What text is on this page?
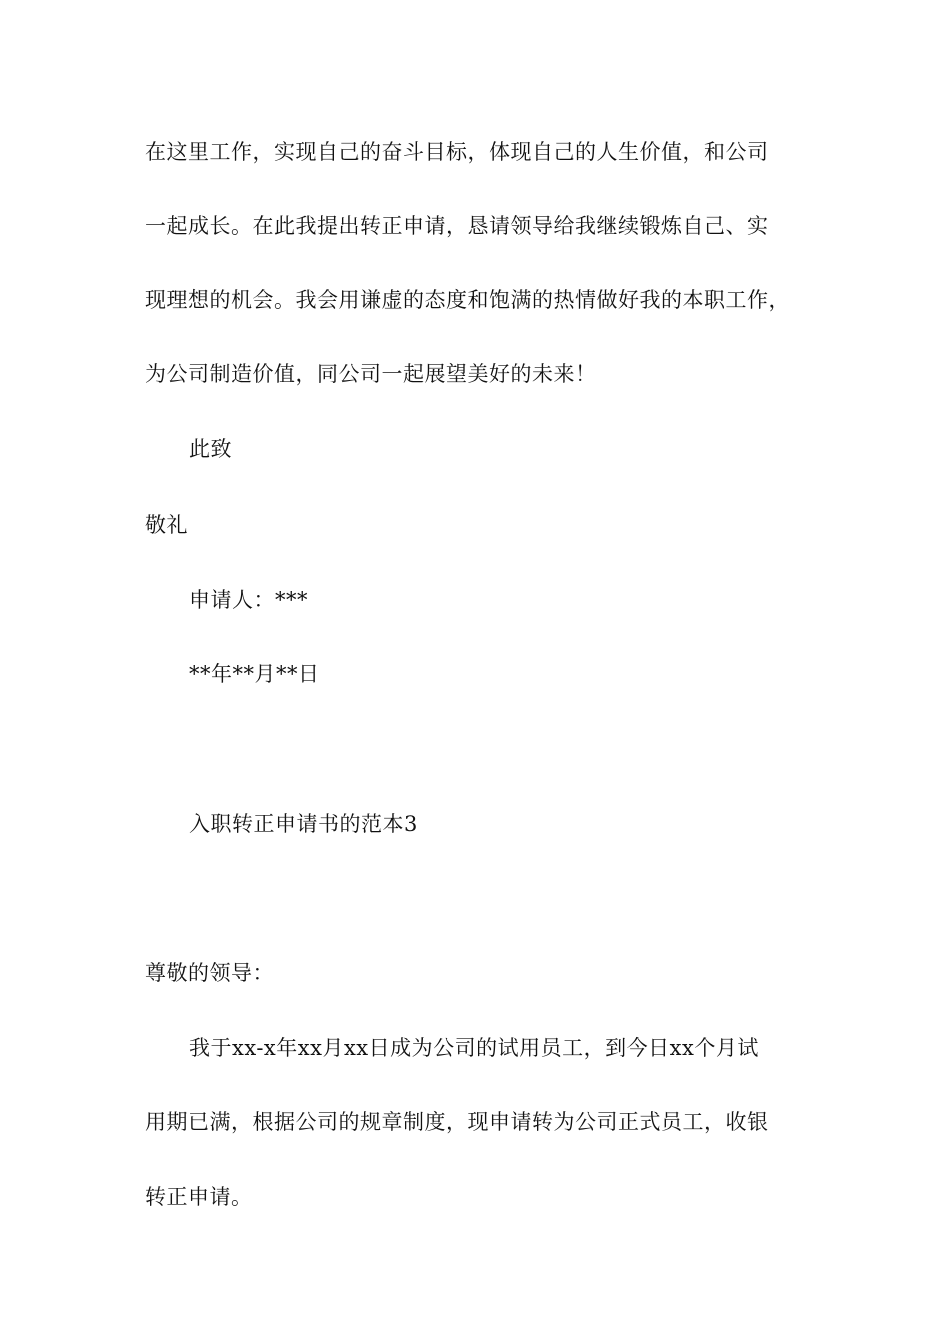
在这里工作，实现自己的奋斗目标，体现自己的人生价值，和公司
一起成长。在此我提出转正申请，恳请领导给我继续锻炼自己、实
现理想的机会。我会用谦虚的态度和饱满的热情做好我的本职工作，
为公司制造价值，同公司一起展望美好的未来！
此致
敬礼
申请人：***
**年**月**日
入职转正申请书的范本3
尊敬的领导：
我于xx-x年xx月xx日成为公司的试用员工，到今日xx个月试
用期已满，根据公司的规章制度，现申请转为公司正式员工，收银
转正申请。
